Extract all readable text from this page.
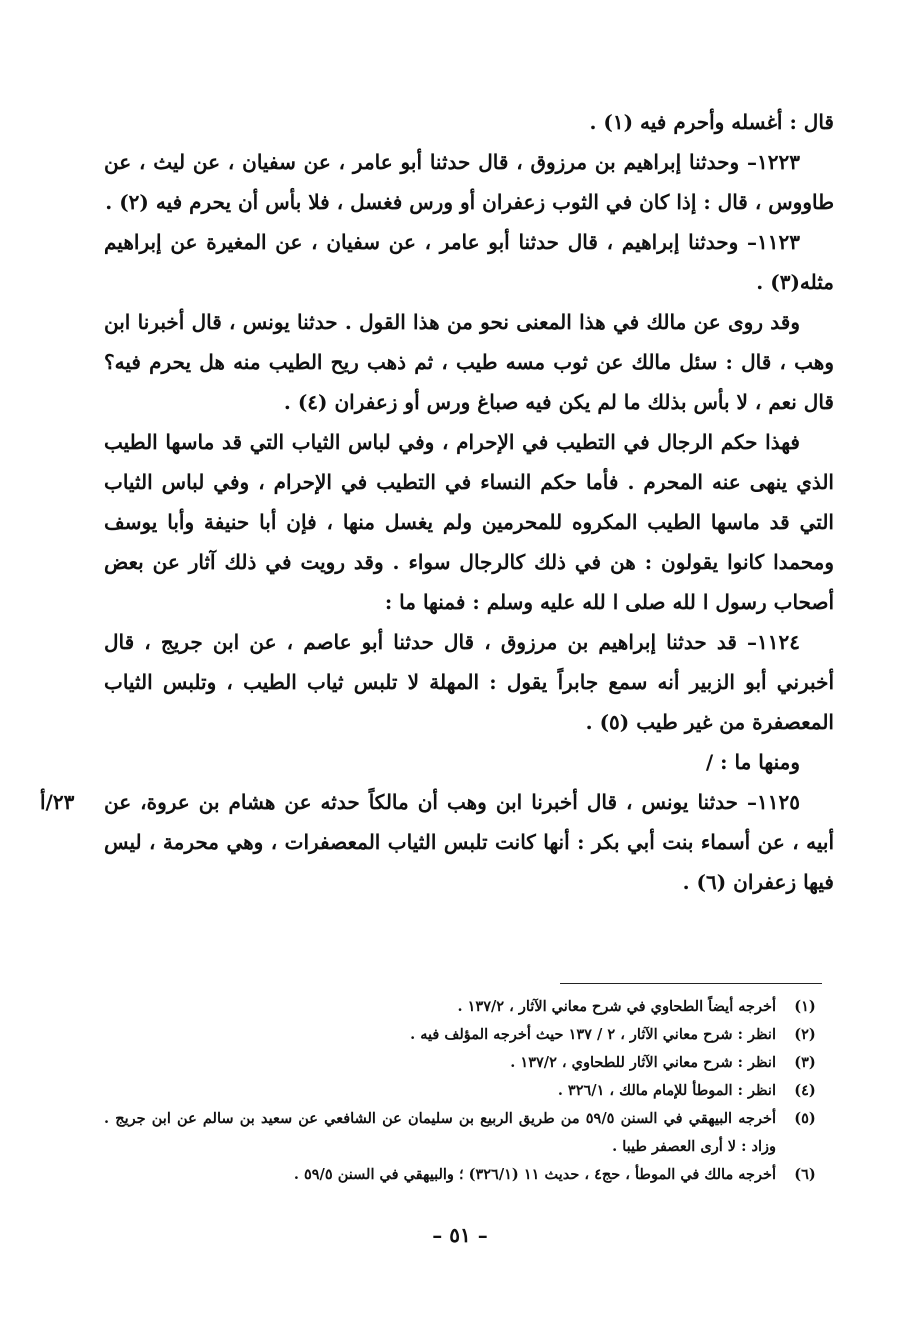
قال : أغسله وأحرم فيه (١) .

١٢٢٣– وحدثنا إبراهيم بن مرزوق ، قال حدثنا أبو عامر ، عن سفيان ، عن ليث ، عن طاووس ، قال : إذا كان في الثوب زعفران أو ورس فغسل ، فلا بأس أن يحرم فيه (٢) .

١١٢٣– وحدثنا إبراهيم ، قال حدثنا أبو عامر ، عن سفيان ، عن المغيرة عن إبراهيم مثله(٣) .

وقد روى عن مالك في هذا المعنى نحو من هذا القول . حدثنا يونس ، قال أخبرنا ابن وهب ، قال : سئل مالك عن ثوب مسه طيب ، ثم ذهب ريح الطيب منه هل يحرم فيه؟ قال نعم ، لا بأس بذلك ما لم يكن فيه صباغ ورس أو زعفران (٤) .

فهذا حكم الرجال في التطيب في الإحرام ، وفي لباس الثياب التي قد ماسها الطيب الذي ينهى عنه المحرم . فأما حكم النساء في التطيب في الإحرام ، وفي لباس الثياب التي قد ماسها الطيب المكروه للمحرمين ولم يغسل منها ، فإن أبا حنيفة وأبا يوسف ومحمدا كانوا يقولون : هن في ذلك كالرجال سواء . وقد رويت في ذلك آثار عن بعض أصحاب رسول ا لله صلى ا لله عليه وسلم : فمنها ما :

١١٢٤– قد حدثنا إبراهيم بن مرزوق ، قال حدثنا أبو عاصم ، عن ابن جريج ، قال أخبرني أبو الزبير أنه سمع جابراً يقول : المهلة لا تلبس ثياب الطيب ، وتلبس الثياب المعصفرة من غير طيب (٥) .

ومنها ما : /

١١٢٥– حدثنا يونس ، قال أخبرنا ابن وهب أن مالكاً حدثه عن هشام بن عروة، عن أبيه ، عن أسماء بنت أبي بكر : أنها كانت تلبس الثياب المعصفرات ، وهي محرمة ، ليس فيها زعفران (٦) .

٢٣/أ
(١)
أخرجه أيضاً الطحاوي في شرح معاني الآثار ، ١٣٧/٢ .
(٢)
انظر : شرح معاني الآثار ، ٢ / ١٣٧ حيث أخرجه المؤلف فيه .
(٣)
انظر : شرح معاني الآثار للطحاوي ، ١٣٧/٢ .
(٤)
انظر : الموطأ للإمام مالك ، ٣٢٦/١ .
(٥)
أخرجه البيهقي في السنن ٥٩/٥ من طريق الربيع بن سليمان عن الشافعي عن سعيد بن سالم عن ابن جريج . وزاد : لا أرى العصفر طيبا .
(٦)
أخرجه مالك في الموطأ ، حج٤ ، حديث ١١ (٣٢٦/١) ؛ والبيهقي في السنن ٥٩/٥ .
– ٥١ –
